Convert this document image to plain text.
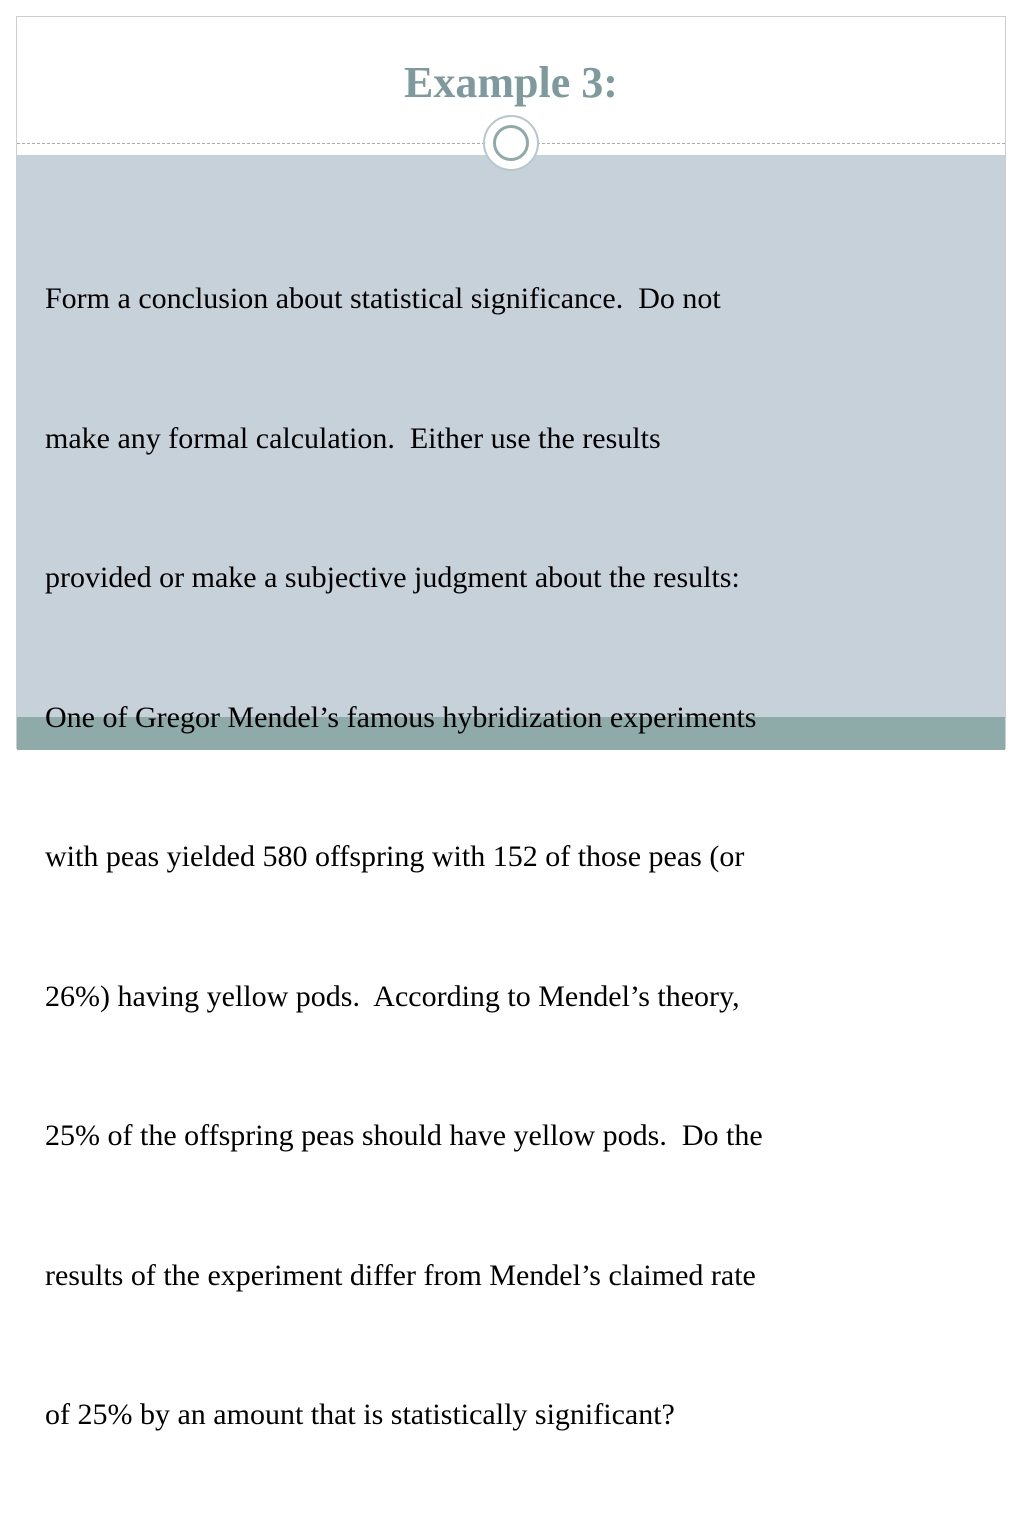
Example 3:

Form a conclusion about statistical significance.  Do not

make any formal calculation.  Either use the results

provided or make a subjective judgment about the results:

One of Gregor Mendel’s famous hybridization experiments

with peas yielded 580 offspring with 152 of those peas (or

26%) having yellow pods.  According to Mendel’s theory,

25% of the offspring peas should have yellow pods.  Do the

results of the experiment differ from Mendel’s claimed rate

of 25% by an amount that is statistically significant?
